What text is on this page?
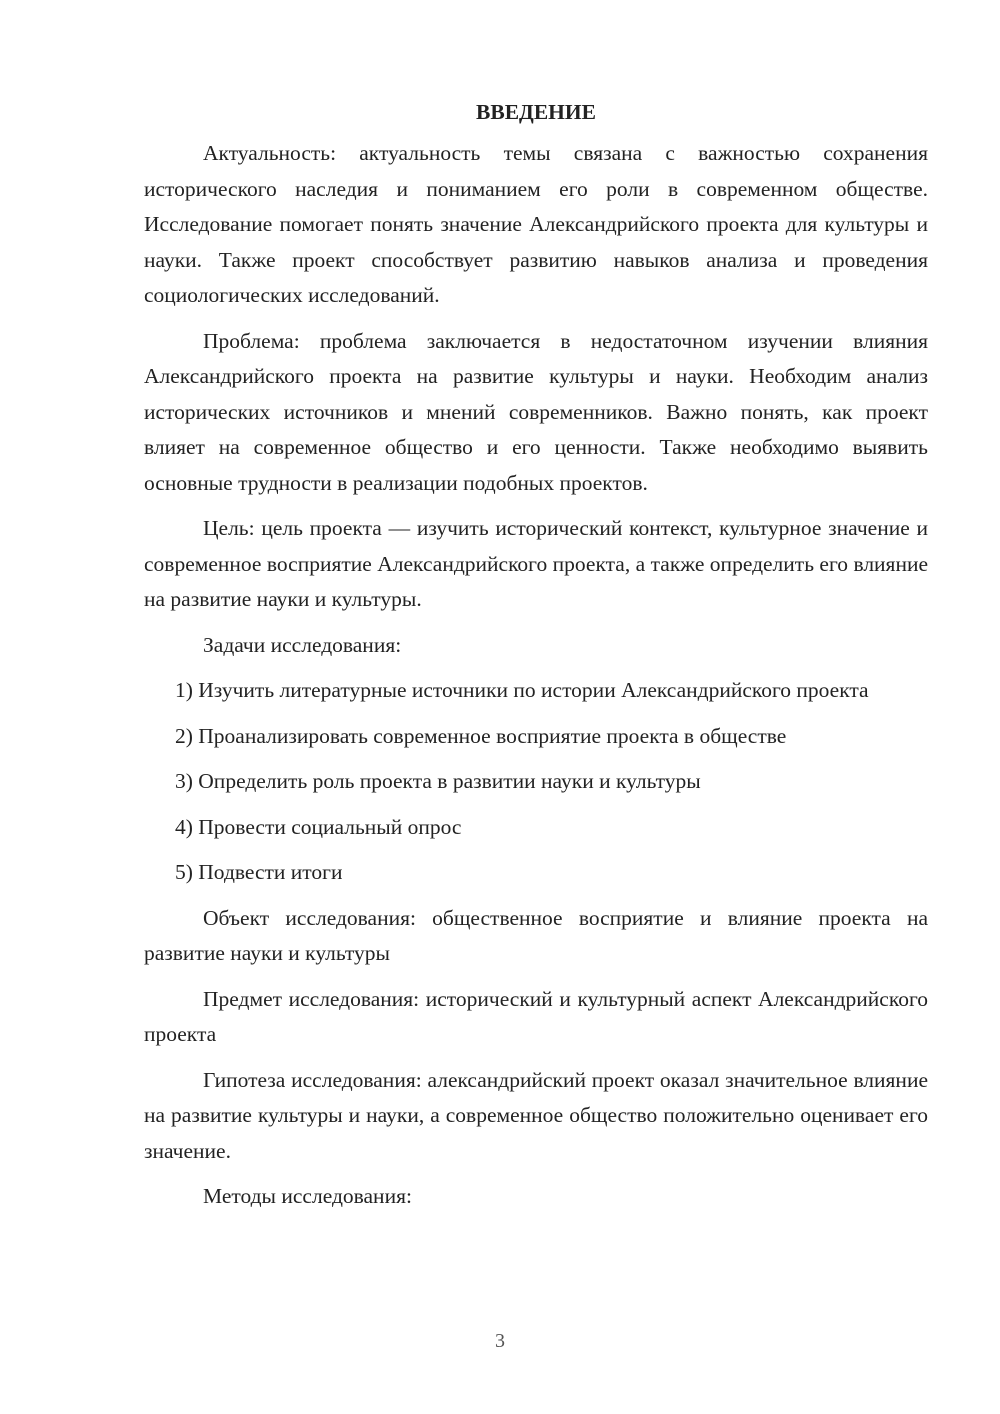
ВВЕДЕНИЕ

Актуальность: актуальность темы связана с важностью сохранения исторического наследия и пониманием его роли в современном обществе. Исследование помогает понять значение Александрийского проекта для культуры и науки. Также проект способствует развитию навыков анализа и проведения социологических исследований.

Проблема: проблема заключается в недостаточном изучении влияния Александрийского проекта на развитие культуры и науки. Необходим анализ исторических источников и мнений современников. Важно понять, как проект влияет на современное общество и его ценности. Также необходимо выявить основные трудности в реализации подобных проектов.

Цель: цель проекта — изучить исторический контекст, культурное значение и современное восприятие Александрийского проекта, а также определить его влияние на развитие науки и культуры.

Задачи исследования:

1) Изучить литературные источники по истории Александрийского проекта

2) Проанализировать современное восприятие проекта в обществе

3) Определить роль проекта в развитии науки и культуры

4) Провести социальный опрос

5) Подвести итоги

Объект исследования: общественное восприятие и влияние проекта на развитие науки и культуры

Предмет исследования: исторический и культурный аспект Александрийского проекта

Гипотеза исследования: александрийский проект оказал значительное влияние на развитие культуры и науки, а современное общество положительно оценивает его значение.

Методы исследования:

3
